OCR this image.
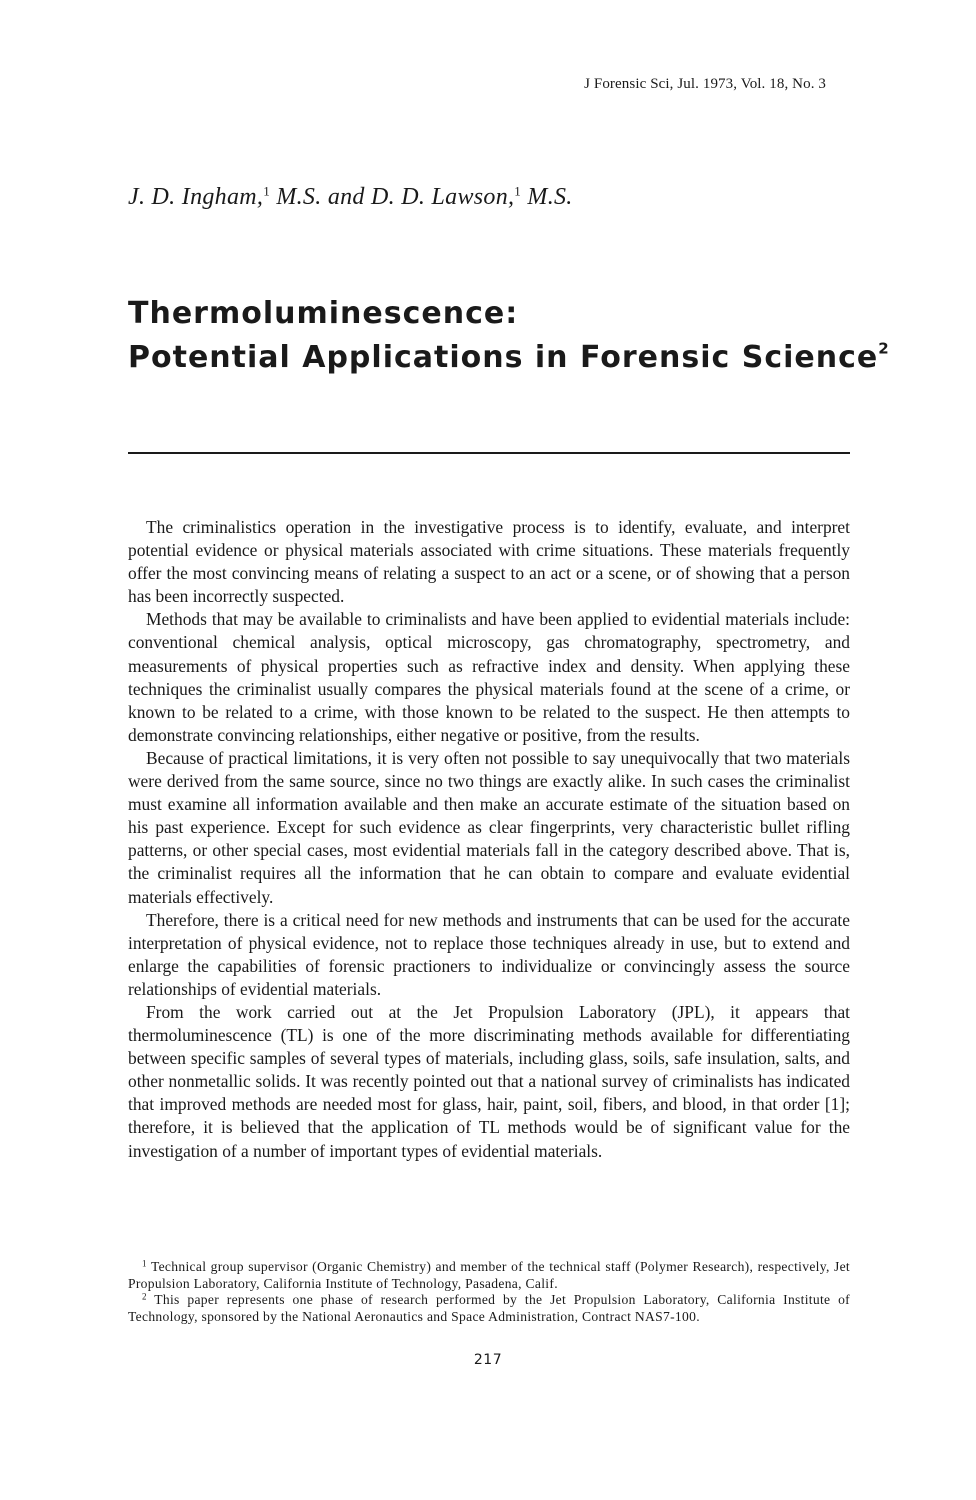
J Forensic Sci, Jul. 1973, Vol. 18, No. 3
J. D. Ingham,$^1$ M.S. and D. D. Lawson,$^1$ M.S.
Thermoluminescence:
Potential Applications in Forensic Science$^2$

The criminalistics operation in the investigative process is to identify, evaluate, and interpret potential evidence or physical materials associated with crime situations. These materials frequently offer the most convincing means of relating a suspect to an act or a scene, or of showing that a person has been incorrectly suspected.

Methods that may be available to criminalists and have been applied to evidential materials include: conventional chemical analysis, optical microscopy, gas chromatography, spectrometry, and measurements of physical properties such as refractive index and density. When applying these techniques the criminalist usually compares the physical materials found at the scene of a crime, or known to be related to a crime, with those known to be related to the suspect. He then attempts to demonstrate convincing relationships, either negative or positive, from the results.

Because of practical limitations, it is very often not possible to say unequivocally that two materials were derived from the same source, since no two things are exactly alike. In such cases the criminalist must examine all information available and then make an accurate estimate of the situation based on his past experience. Except for such evidence as clear fingerprints, very characteristic bullet rifling patterns, or other special cases, most evidential materials fall in the category described above. That is, the criminalist requires all the information that he can obtain to compare and evaluate evidential materials effectively.

Therefore, there is a critical need for new methods and instruments that can be used for the accurate interpretation of physical evidence, not to replace those techniques already in use, but to extend and enlarge the capabilities of forensic practioners to individualize or convincingly assess the source relationships of evidential materials.

From the work carried out at the Jet Propulsion Laboratory (JPL), it appears that thermoluminescence (TL) is one of the more discriminating methods available for differentiating between specific samples of several types of materials, including glass, soils, safe insulation, salts, and other nonmetallic solids. It was recently pointed out that a national survey of criminalists has indicated that improved methods are needed most for glass, hair, paint, soil, fibers, and blood, in that order [1]; therefore, it is believed that the application of TL methods would be of significant value for the investigation of a number of important types of evidential materials.

$^1$ Technical group supervisor (Organic Chemistry) and member of the technical staff (Polymer Research), respectively, Jet Propulsion Laboratory, California Institute of Technology, Pasadena, Calif.

$^2$ This paper represents one phase of research performed by the Jet Propulsion Laboratory, California Institute of Technology, sponsored by the National Aeronautics and Space Administration, Contract NAS7-100.

217
